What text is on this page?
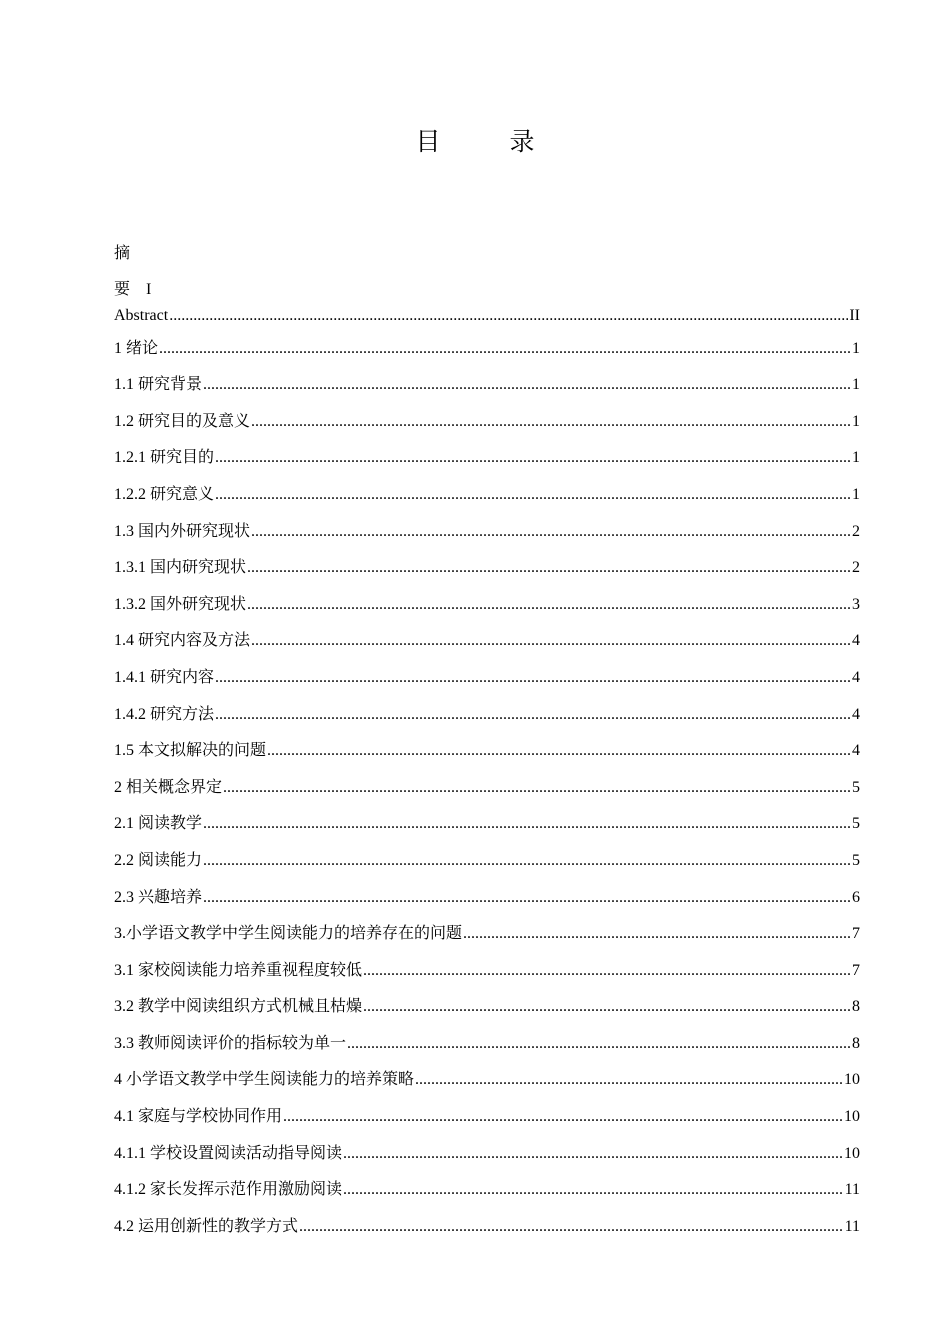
目　录
摘
要 I
Abstract .....	II
1 绪论 .....	1
1.1 研究背景 .....	1
1.2 研究目的及意义 .....	1
1.2.1 研究目的 .....	1
1.2.2 研究意义 .....	1
1.3 国内外研究现状 .....	2
1.3.1 国内研究现状 .....	2
1.3.2 国外研究现状 .....	3
1.4 研究内容及方法 .....	4
1.4.1 研究内容 .....	4
1.4.2 研究方法 .....	4
1.5 本文拟解决的问题 .....	4
2 相关概念界定 .....	5
2.1 阅读教学 .....	5
2.2 阅读能力 .....	5
2.3 兴趣培养 .....	6
3.小学语文教学中学生阅读能力的培养存在的问题 .....	7
3.1 家校阅读能力培养重视程度较低 .....	7
3.2 教学中阅读组织方式机械且枯燥 .....	8
3.3 教师阅读评价的指标较为单一 .....	8
4 小学语文教学中学生阅读能力的培养策略 .....	10
4.1 家庭与学校协同作用 .....	10
4.1.1 学校设置阅读活动指导阅读 .....	10
4.1.2 家长发挥示范作用激励阅读 .....	11
4.2 运用创新性的教学方式 .....	11
